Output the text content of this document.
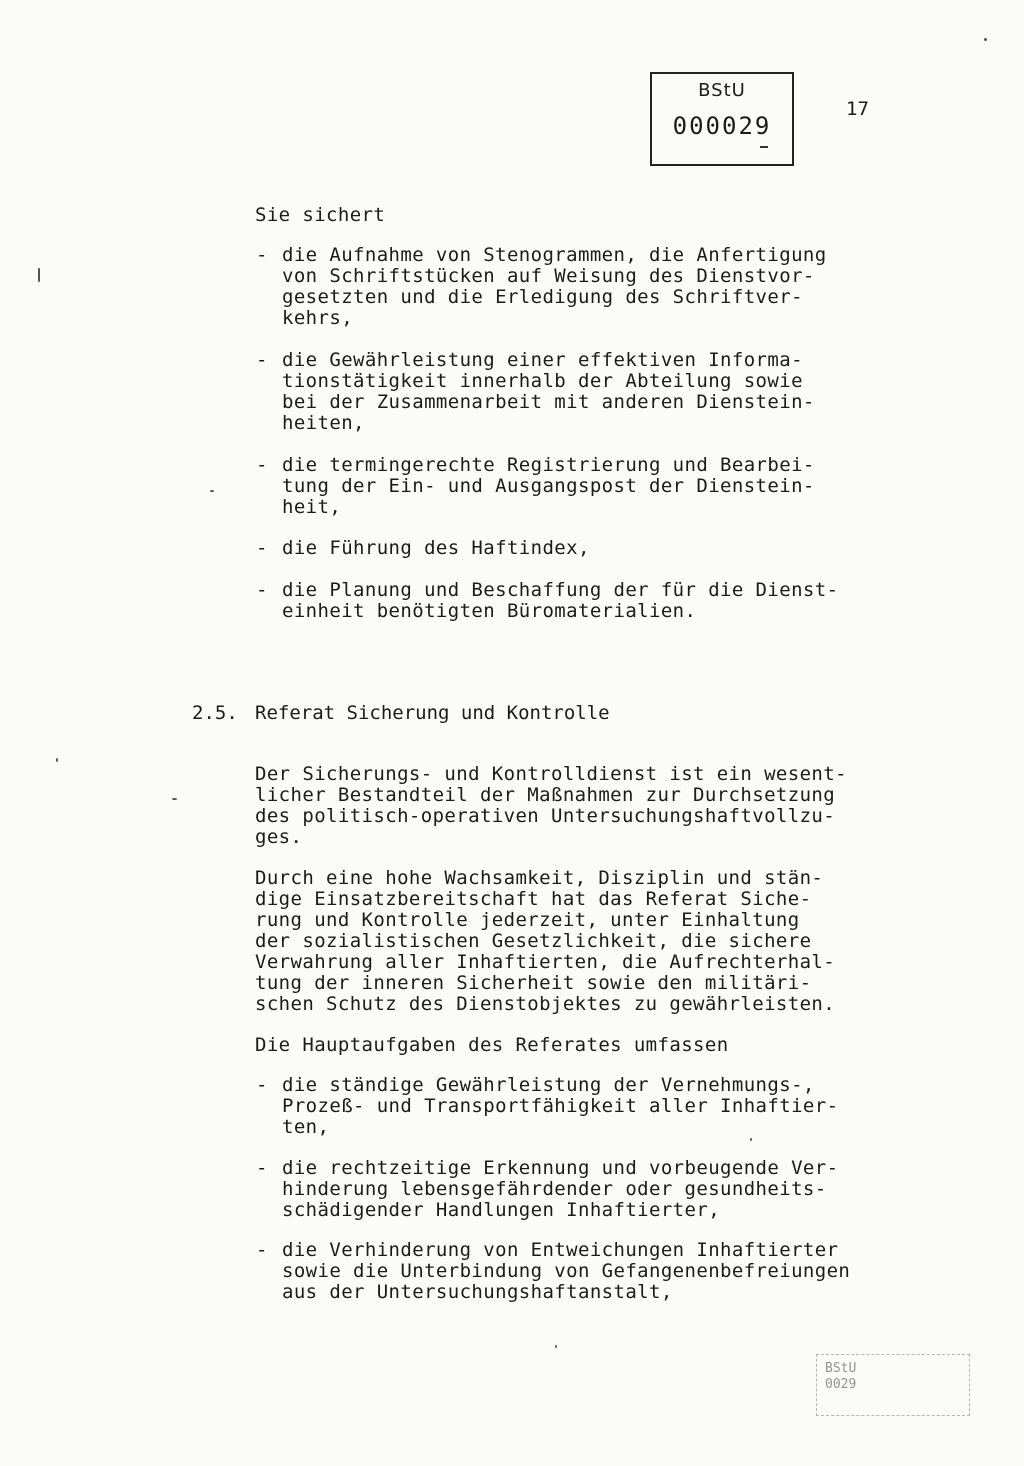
BStU
000029
17
Sie sichert
- die Aufnahme von Stenogrammen, die Anfertigung
von Schriftstücken auf Weisung des Dienstvor-
gesetzten und die Erledigung des Schriftver-
kehrs,
- die Gewährleistung einer effektiven Informa-
tionstätigkeit innerhalb der Abteilung sowie
bei der Zusammenarbeit mit anderen Dienstein-
heiten,
- die termingerechte Registrierung und Bearbei-
tung der Ein- und Ausgangspost der Dienstein-
heit,
- die Führung des Haftindex,
- die Planung und Beschaffung der für die Dienst-
einheit benötigten Büromaterialien.
2.5. Referat Sicherung und Kontrolle
Der Sicherungs- und Kontrolldienst ist ein wesent-
licher Bestandteil der Maßnahmen zur Durchsetzung
des politisch-operativen Untersuchungshaftvollzu-
ges.
Durch eine hohe Wachsamkeit, Disziplin und stän-
dige Einsatzbereitschaft hat das Referat Siche-
rung und Kontrolle jederzeit, unter Einhaltung
der sozialistischen Gesetzlichkeit, die sichere
Verwahrung aller Inhaftierten, die Aufrechterhal-
tung der inneren Sicherheit sowie den militäri-
schen Schutz des Dienstobjektes zu gewährleisten.
Die Hauptaufgaben des Referates umfassen
- die ständige Gewährleistung der Vernehmungs-,
Prozeß- und Transportfähigkeit aller Inhaftier-
ten,
- die rechtzeitige Erkennung und vorbeugende Ver-
hinderung lebensgefährdender oder gesundheits-
schädigender Handlungen Inhaftierter,
- die Verhinderung von Entweichungen Inhaftierter
sowie die Unterbindung von Gefangenenbefreiungen
aus der Untersuchungshaftanstalt,
BStU
0029
